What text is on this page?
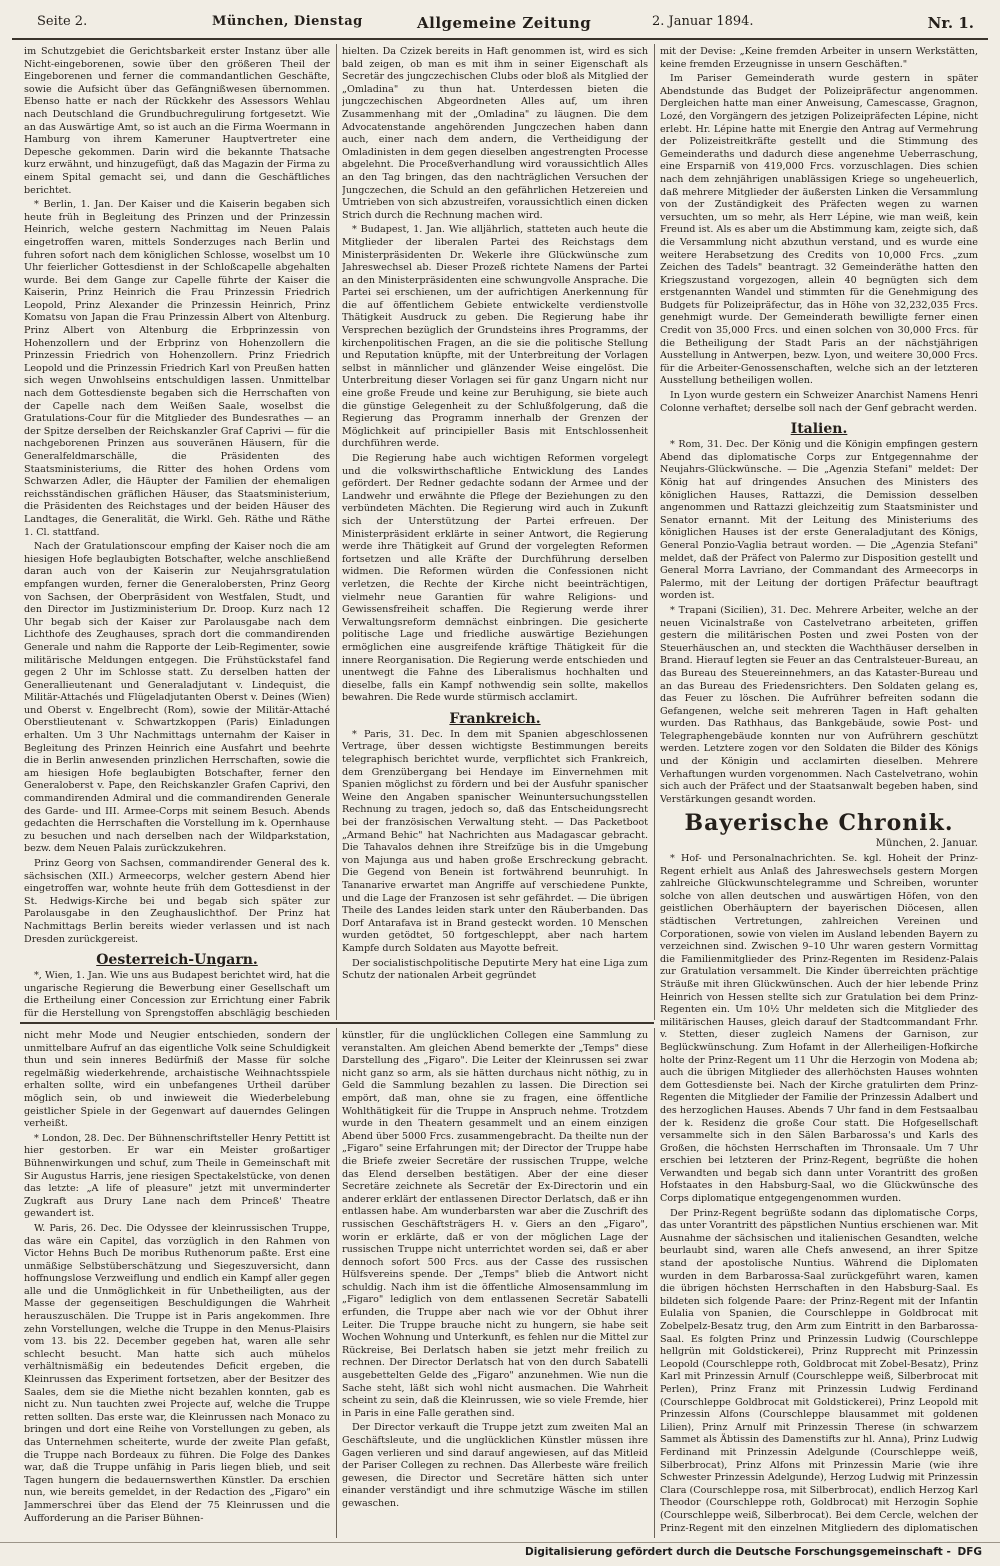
Seite 2.	München, Dienstag	Allgemeine Zeitung	2. Januar 1894.	Nr. 1.

im Schutzgebiet die Gerichtsbarkeit erster Instanz über alle Nicht-eingeborenen, sowie über den größeren Theil der Eingeborenen und ferner die commandantlichen Geschäfte, sowie die Aufsicht über das Gefängnißwesen übernommen. Ebenso hatte er nach der Rückkehr des Assessors Wehlau nach Deutschland die Grundbuchregulirung fortgesetzt. Wie an das Auswärtige Amt, so ist auch an die Firma Woermann in Hamburg von ihrem Kameruner Hauptvertreter eine Depesche gekommen. Darin wird die bekannte Thatsache kurz erwähnt, und hinzugefügt, daß das Magazin der Firma zu einem Spital gemacht sei, und dann die Geschäftliches berichtet.

* Berlin, 1. Jan. Der Kaiser und die Kaiserin begaben sich heute früh in Begleitung des Prinzen und der Prinzessin Heinrich, welche gestern Nachmittag im Neuen Palais eingetroffen waren, mittels Sonderzuges nach Berlin und fuhren sofort nach dem königlichen Schlosse, woselbst um 10 Uhr feierlicher Gottesdienst in der Schloßcapelle abgehalten wurde. Bei dem Gange zur Capelle führte der Kaiser die Kaiserin, Prinz Heinrich die Frau Prinzessin Friedrich Leopold, Prinz Alexander die Prinzessin Heinrich, Prinz Komatsu von Japan die Frau Prinzessin Albert von Altenburg. Prinz Albert von Altenburg die Erbprinzessin von Hohenzollern und der Erbprinz von Hohenzollern die Prinzessin Friedrich von Hohenzollern. Prinz Friedrich Leopold und die Prinzessin Friedrich Karl von Preußen hatten sich wegen Unwohlseins entschuldigen lassen. Unmittelbar nach dem Gottesdienste begaben sich die Herrschaften von der Capelle nach dem Weißen Saale, woselbst die Gratulations-Cour für die Mitglieder des Bundesrathes — an der Spitze derselben der Reichskanzler Graf Caprivi — für die nachgeborenen Prinzen aus souveränen Häusern, für die Generalfeldmarschälle, die Präsidenten des Staatsministeriums, die Ritter des hohen Ordens vom Schwarzen Adler, die Häupter der Familien der ehemaligen reichsständischen gräflichen Häuser, das Staatsministerium, die Präsidenten des Reichstages und der beiden Häuser des Landtages, die Generalität, die Wirkl. Geh. Räthe und Räthe 1. Cl. stattfand.

Nach der Gratulationscour empfing der Kaiser noch die am hiesigen Hofe beglaubigten Botschafter, welche anschließend daran auch von der Kaiserin zur Neujahrsgratulation empfangen wurden, ferner die Generalobersten, Prinz Georg von Sachsen, der Oberpräsident von Westfalen, Studt, und den Director im Justizministerium Dr. Droop. Kurz nach 12 Uhr begab sich der Kaiser zur Parolausgabe nach dem Lichthofe des Zeughauses, sprach dort die commandirenden Generale und nahm die Rapporte der Leib-Regimenter, sowie militärische Meldungen entgegen. Die Frühstückstafel fand gegen 2 Uhr im Schlosse statt. Zu derselben hatten der Generallieutenant und Generaladjutant v. Lindequist, die Militär-Attachés und Flügeladjutanten Oberst v. Deines (Wien) und Oberst v. Engelbrecht (Rom), sowie der Militär-Attaché Oberstlieutenant v. Schwartzkoppen (Paris) Einladungen erhalten. Um 3 Uhr Nachmittags unternahm der Kaiser in Begleitung des Prinzen Heinrich eine Ausfahrt und beehrte die in Berlin anwesenden prinzlichen Herrschaften, sowie die am hiesigen Hofe beglaubigten Botschafter, ferner den Generaloberst v. Pape, den Reichskanzler Grafen Caprivi, den commandirenden Admiral und die commandirenden Generale des Garde- und III. Armee-Corps mit seinem Besuch. Abends gedachten die Herrschaften die Vorstellung im k. Opernhause zu besuchen und nach derselben nach der Wildparkstation, bezw. dem Neuen Palais zurückzukehren.

Prinz Georg von Sachsen, commandirender General des k. sächsischen (XII.) Armeecorps, welcher gestern Abend hier eingetroffen war, wohnte heute früh dem Gottesdienst in der St. Hedwigs-Kirche bei und begab sich später zur Parolausgabe in den Zeughauslichthof. Der Prinz hat Nachmittags Berlin bereits wieder verlassen und ist nach Dresden zurückgereist.

Oesterreich-Ungarn.

*, Wien, 1. Jan. Wie uns aus Budapest berichtet wird, hat die ungarische Regierung die Bewerbung einer Gesellschaft um die Ertheilung einer Concession zur Errichtung einer Fabrik für die Herstellung von Sprengstoffen abschlägig beschieden

hielten. Da Czizek bereits in Haft genommen ist, wird es sich bald zeigen, ob man es mit ihm in seiner Eigenschaft als Secretär des jungczechischen Clubs oder bloß als Mitglied der „Omladina" zu thun hat. Unterdessen bieten die jungczechischen Abgeordneten Alles auf, um ihren Zusammenhang mit der „Omladina" zu läugnen. Die dem Advocatenstande angehörenden Jungczechen haben dann auch, einer nach dem andern, die Vertheidigung der Omladinisten in dem gegen dieselben angestrengten Processe abgelehnt. Die Proceßverhandlung wird voraussichtlich Alles an den Tag bringen, das den nachträglichen Versuchen der Jungczechen, die Schuld an den gefährlichen Hetzereien und Umtrieben von sich abzustreifen, voraussichtlich einen dicken Strich durch die Rechnung machen wird.

* Budapest, 1. Jan. Wie alljährlich, statteten auch heute die Mitglieder der liberalen Partei des Reichstags dem Ministerpräsidenten Dr. Wekerle ihre Glückwünsche zum Jahreswechsel ab. Dieser Prozeß richtete Namens der Partei an den Ministerpräsidenten eine schwungvolle Ansprache. Die Partei sei erschienen, um der aufrichtigen Anerkennung für die auf öffentlichem Gebiete entwickelte verdienstvolle Thätigkeit Ausdruck zu geben. Die Regierung habe ihr Versprechen bezüglich der Grundsteins ihres Programms, der kirchenpolitischen Fragen, an die sie die politische Stellung und Reputation knüpfte, mit der Unterbreitung der Vorlagen selbst in männlicher und glänzender Weise eingelöst. Die Unterbreitung dieser Vorlagen sei für ganz Ungarn nicht nur eine große Freude und keine zur Beruhigung, sie biete auch die günstige Gelegenheit zu der Schlußfolgerung, daß die Regierung das Programm innerhalb der Grenzen der Möglichkeit auf principieller Basis mit Entschlossenheit durchführen werde.

Die Regierung habe auch wichtigen Reformen vorgelegt und die volkswirthschaftliche Entwicklung des Landes gefördert. Der Redner gedachte sodann der Armee und der Landwehr und erwähnte die Pflege der Beziehungen zu den verbündeten Mächten. Die Regierung wird auch in Zukunft sich der Unterstützung der Partei erfreuen. Der Ministerpräsident erklärte in seiner Antwort, die Regierung werde ihre Thätigkeit auf Grund der vorgelegten Reformen fortsetzen und alle Kräfte der Durchführung derselben widmen. Die Reformen würden die Confessionen nicht verletzen, die Rechte der Kirche nicht beeinträchtigen, vielmehr neue Garantien für wahre Religions- und Gewissensfreiheit schaffen. Die Regierung werde ihrer Verwaltungsreform demnächst einbringen. Die gesicherte politische Lage und friedliche auswärtige Beziehungen ermöglichen eine ausgreifende kräftige Thätigkeit für die innere Reorganisation. Die Regierung werde entschieden und unentwegt die Fahne des Liberalismus hochhalten und dieselbe, falls ein Kampf nothwendig sein sollte, makellos bewahren. Die Rede wurde stürmisch acclamirt.

Frankreich.

* Paris, 31. Dec. In dem mit Spanien abgeschlossenen Vertrage, über dessen wichtigste Bestimmungen bereits telegraphisch berichtet wurde, verpflichtet sich Frankreich, dem Grenzübergang bei Hendaye im Einvernehmen mit Spanien möglichst zu fördern und bei der Ausfuhr spanischer Weine den Angaben spanischer Weinuntersuchungsstellen Rechnung zu tragen, jedoch so, daß das Entscheidungsrecht bei der französischen Verwaltung steht. — Das Packetboot „Armand Behic" hat Nachrichten aus Madagascar gebracht. Die Tahavalos dehnen ihre Streifzüge bis in die Umgebung von Majunga aus und haben große Erschreckung gebracht. Die Gegend von Benein ist fortwährend beunruhigt. In Tananarive erwartet man Angriffe auf verschiedene Punkte, und die Lage der Franzosen ist sehr gefährdet. — Die übrigen Theile des Landes leiden stark unter den Räuberbanden. Das Dorf Antarafava ist in Brand gesteckt worden. 10 Menschen wurden getödtet, 50 fortgeschleppt, aber nach hartem Kampfe durch Soldaten aus Mayotte befreit.

Der socialistischpolitische Deputirte Mery hat eine Liga zum Schutz der nationalen Arbeit gegründet

mit der Devise: „Keine fremden Arbeiter in unsern Werkstätten, keine fremden Erzeugnisse in unsern Geschäften."

Im Pariser Gemeinderath wurde gestern in später Abendstunde das Budget der Polizeipräfectur angenommen. Dergleichen hatte man einer Anweisung, Camescasse, Gragnon, Lozé, den Vorgängern des jetzigen Polizeipräfecten Lépine, nicht erlebt. Hr. Lépine hatte mit Energie den Antrag auf Vermehrung der Polizeistreitkräfte gestellt und die Stimmung des Gemeinderaths und dadurch diese angenehme Ueberraschung, eine Ersparniß von 419,000 Frcs. vorzuschlagen. Dies schien nach dem zehnjährigen unablässigen Kriege so ungeheuerlich, daß mehrere Mitglieder der äußersten Linken die Versammlung von der Zuständigkeit des Präfecten wegen zu warnen versuchten, um so mehr, als Herr Lépine, wie man weiß, kein Freund ist. Als es aber um die Abstimmung kam, zeigte sich, daß die Versammlung nicht abzuthun verstand, und es wurde eine weitere Herabsetzung des Credits von 10,000 Frcs. „zum Zeichen des Tadels" beantragt. 32 Gemeinderäthe hatten den Kriegszustand vorgezogen, allein 40 begnügten sich dem erstgenannten Wandel und stimmten für die Genehmigung des Budgets für Polizeipräfectur, das in Höhe von 32,232,035 Frcs. genehmigt wurde. Der Gemeinderath bewilligte ferner einen Credit von 35,000 Frcs. und einen solchen von 30,000 Frcs. für die Betheiligung der Stadt Paris an der nächstjährigen Ausstellung in Antwerpen, bezw. Lyon, und weitere 30,000 Frcs. für die Arbeiter-Genossenschaften, welche sich an der letzteren Ausstellung betheiligen wollen.

In Lyon wurde gestern ein Schweizer Anarchist Namens Henri Colonne verhaftet; derselbe soll nach der Genf gebracht werden.

Italien.

* Rom, 31. Dec. Der König und die Königin empfingen gestern Abend das diplomatische Corps zur Entgegennahme der Neujahrs-Glückwünsche. — Die „Agenzia Stefani" meldet: Der König hat auf dringendes Ansuchen des Ministers des königlichen Hauses, Rattazzi, die Demission desselben angenommen und Rattazzi gleichzeitig zum Staatsminister und Senator ernannt. Mit der Leitung des Ministeriums des königlichen Hauses ist der erste Generaladjutant des Königs, General Ponzio-Vaglia betraut worden. — Die „Agenzia Stefani" meldet, daß der Präfect von Palermo zur Disposition gestellt und General Morra Lavriano, der Commandant des Armeecorps in Palermo, mit der Leitung der dortigen Präfectur beauftragt worden ist.

* Trapani (Sicilien), 31. Dec. Mehrere Arbeiter, welche an der neuen Vicinalstraße von Castelvetrano arbeiteten, griffen gestern die militärischen Posten und zwei Posten von der Steuerhäuschen an, und steckten die Wachthäuser derselben in Brand. Hierauf legten sie Feuer an das Centralsteuer-Bureau, an das Bureau des Steuereinnehmers, an das Kataster-Bureau und an das Bureau des Friedensrichters. Den Soldaten gelang es, das Feuer zu löschen. Die Aufrührer befreiten sodann die Gefangenen, welche seit mehreren Tagen in Haft gehalten wurden. Das Rathhaus, das Bankgebäude, sowie Post- und Telegraphengebäude konnten nur von Aufrührern geschützt werden. Letztere zogen vor den Soldaten die Bilder des Königs und der Königin und acclamirten dieselben. Mehrere Verhaftungen wurden vorgenommen. Nach Castelvetrano, wohin sich auch der Präfect und der Staatsanwalt begeben haben, sind Verstärkungen gesandt worden.

Bayerische Chronik.
München, 2. Januar.

* Hof- und Personalnachrichten. Se. kgl. Hoheit der Prinz-Regent erhielt aus Anlaß des Jahreswechsels gestern Morgen zahlreiche Glückwunschtelegramme und Schreiben, worunter solche von allen deutschen und auswärtigen Höfen, von den geistlichen Oberhäuptern der bayerischen Diöcesen, allen städtischen Vertretungen, zahlreichen Vereinen und Corporationen, sowie von vielen im Ausland lebenden Bayern zu verzeichnen sind. Zwischen 9–10 Uhr waren gestern Vormittag die Familienmitglieder des Prinz-Regenten im Residenz-Palais zur Gratulation versammelt. Die Kinder überreichten prächtige Sträuße mit ihren Glückwünschen. Auch der hier lebende Prinz Heinrich von Hessen stellte sich zur Gratulation bei dem Prinz-Regenten ein. Um 10½ Uhr meldeten sich die Mitglieder des militärischen Hauses, gleich darauf der Stadtcommandant Frhr. v. Stetten, dieser zugleich Namens der Garnison, zur Beglückwünschung. Zum Hofamt in der Allerheiligen-Hofkirche holte der Prinz-Regent um 11 Uhr die Herzogin von Modena ab; auch die übrigen Mitglieder des allerhöchsten Hauses wohnten dem Gottesdienste bei. Nach der Kirche gratulirten dem Prinz-Regenten die Mitglieder der Familie der Prinzessin Adalbert und des herzoglichen Hauses. Abends 7 Uhr fand in dem Festsaalbau der k. Residenz die große Cour statt. Die Hofgesellschaft versammelte sich in den Sälen Barbarossa's und Karls des Großen, die höchsten Herrschaften im Thronsaale. Um 7 Uhr erschien bei letzteren der Prinz-Regent, begrüßte die hohen Verwandten und begab sich dann unter Vorantritt des großen Hofstaates in den Habsburg-Saal, wo die Glückwünsche des Corps diplomatique entgegengenommen wurden.

Der Prinz-Regent begrüßte sodann das diplomatische Corps, das unter Vorantritt des päpstlichen Nuntius erschienen war. Mit Ausnahme der sächsischen und italienischen Gesandten, welche beurlaubt sind, waren alle Chefs anwesend, an ihrer Spitze stand der apostolische Nuntius. Während die Diplomaten wurden in dem Barbarossa-Saal zurückgeführt waren, kamen die übrigen höchsten Herrschaften in den Habsburg-Saal. Es bildeten sich folgende Paare: der Prinz-Regent mit der Infantin Eulalia von Spanien, die Courschleppe in Goldbrocat mit Zobelpelz-Besatz trug, den Arm zum Eintritt in den Barbarossa-Saal. Es folgten Prinz und Prinzessin Ludwig (Courschleppe hellgrün mit Goldstickerei), Prinz Rupprecht mit Prinzessin Leopold (Courschleppe roth, Goldbrocat mit Zobel-Besatz), Prinz Karl mit Prinzessin Arnulf (Courschleppe weiß, Silberbrocat mit Perlen), Prinz Franz mit Prinzessin Ludwig Ferdinand (Courschleppe Goldbrocat mit Goldstickerei), Prinz Leopold mit Prinzessin Alfons (Courschleppe blausammet mit goldenen Lilien), Prinz Arnulf mit Prinzessin Therese (in schwarzem Sammet als Äbtissin des Damenstifts zur hl. Anna), Prinz Ludwig Ferdinand mit Prinzessin Adelgunde (Courschleppe weiß, Silberbrocat), Prinz Alfons mit Prinzessin Marie (wie ihre Schwester Prinzessin Adelgunde), Herzog Ludwig mit Prinzessin Clara (Courschleppe rosa, mit Silberbrocat), endlich Herzog Karl Theodor (Courschleppe roth, Goldbrocat) mit Herzogin Sophie (Courschleppe weiß, Silberbrocat). Bei dem Cercle, welchen der Prinz-Regent mit den einzelnen Mitgliedern des diplomatischen

nicht mehr Mode und Neugier entschieden, sondern der unmittelbare Aufruf an das eigentliche Volk seine Schuldigkeit thun und sein inneres Bedürfniß der Masse für solche regelmäßig wiederkehrende, archaistische Weihnachtsspiele erhalten sollte, wird ein unbefangenes Urtheil darüber möglich sein, ob und inwieweit die Wiederbelebung geistlicher Spiele in der Gegenwart auf dauerndes Gelingen verheißt.

* London, 28. Dec. Der Bühnenschriftsteller Henry Pettitt ist hier gestorben. Er war ein Meister großartiger Bühnenwirkungen und schuf, zum Theile in Gemeinschaft mit Sir Augustus Harris, jene riesigen Spectakelstücke, von denen das letzte: „A life of pleasure" jetzt mit unverminderter Zugkraft aus Drury Lane nach dem Princeß' Theatre gewandert ist.

W. Paris, 26. Dec. Die Odyssee der kleinrussischen Truppe, das wäre ein Capitel, das vorzüglich in den Rahmen von Victor Hehns Buch De moribus Ruthenorum paßte. Erst eine unmäßige Selbstüberschätzung und Siegeszuversicht, dann hoffnungslose Verzweiflung und endlich ein Kampf aller gegen alle und die Unmöglichkeit in für Unbetheiligten, aus der Masse der gegenseitigen Beschuldigungen die Wahrheit herauszuschälen. Die Truppe ist in Paris angekommen. Ihre zehn Vorstellungen, welche die Truppe in den Menus-Plaisirs vom 13. bis 22. December gegeben hat, waren alle sehr schlecht besucht. Man hatte sich auch mühelos verhältnismäßig ein bedeutendes Deficit ergeben, die Kleinrussen das Experiment fortsetzen, aber der Besitzer des Saales, dem sie die Miethe nicht bezahlen konnten, gab es nicht zu. Nun tauchten zwei Projecte auf, welche die Truppe retten sollten. Das erste war, die Kleinrussen nach Monaco zu bringen und dort eine Reihe von Vorstellungen zu geben, als das Unternehmen scheiterte, wurde der zweite Plan gefaßt, die Truppe nach Bordeaux zu führen. Die Folge des Dankes war, daß die Truppe unfähig in Paris liegen blieb, und seit Tagen hungern die bedauernswerthen Künstler. Da erschien nun, wie bereits gemeldet, in der Redaction des „Figaro" ein Jammerschrei über das Elend der 75 Kleinrussen und die Aufforderung an die Pariser Bühnen-

künstler, für die unglücklichen Collegen eine Sammlung zu veranstalten. Am gleichen Abend bemerkte der „Temps" diese Darstellung des „Figaro". Die Leiter der Kleinrussen sei zwar nicht ganz so arm, als sie hätten durchaus nicht nöthig, zu in Geld die Sammlung bezahlen zu lassen. Die Direction sei empört, daß man, ohne sie zu fragen, eine öffentliche Wohlthätigkeit für die Truppe in Anspruch nehme. Trotzdem wurde in den Theatern gesammelt und an einem einzigen Abend über 5000 Frcs. zusammengebracht. Da theilte nun der „Figaro" seine Erfahrungen mit; der Director der Truppe habe die Briefe zweier Secretäre der russischen Truppe, welche das Elend derselben bestätigen. Aber der eine dieser Secretäre zeichnete als Secretär der Ex-Directorin und ein anderer erklärt der entlassenen Director Derlatsch, daß er ihn entlassen habe. Am wunderbarsten war aber die Zuschrift des russischen Geschäftsträgers H. v. Giers an den „Figaro", worin er erklärte, daß er von der möglichen Lage der russischen Truppe nicht unterrichtet worden sei, daß er aber dennoch sofort 500 Frcs. aus der Casse des russischen Hülfsvereins spende. Der „Temps" blieb die Antwort nicht schuldig. Nach ihm ist die öffentliche Almosensammlung im „Figaro" lediglich von dem entlassenen Secretär Sabatelli erfunden, die Truppe aber nach wie vor der Obhut ihrer Leiter. Die Truppe brauche nicht zu hungern, sie habe seit Wochen Wohnung und Unterkunft, es fehlen nur die Mittel zur Rückreise, Bei Derlatsch haben sie jetzt mehr freilich zu rechnen. Der Director Derlatsch hat von den durch Sabatelli ausgebettelten Gelde des „Figaro" anzunehmen. Wie nun die Sache steht, läßt sich wohl nicht ausmachen. Die Wahrheit scheint zu sein, daß die Kleinrussen, wie so viele Fremde, hier in Paris in eine Falle gerathen sind.

Der Director verkauft die Truppe jetzt zum zweiten Mal an Geschäftsleute, und die unglücklichen Künstler müssen ihre Gagen verlieren und sind darauf angewiesen, auf das Mitleid der Pariser Collegen zu rechnen. Das Allerbeste wäre freilich gewesen, die Director und Secretäre hätten sich unter einander verständigt und ihre schmutzige Wäsche im stillen gewaschen.

Digitalisierung gefördert durch die Deutsche Forschungsgemeinschaft - DFG
